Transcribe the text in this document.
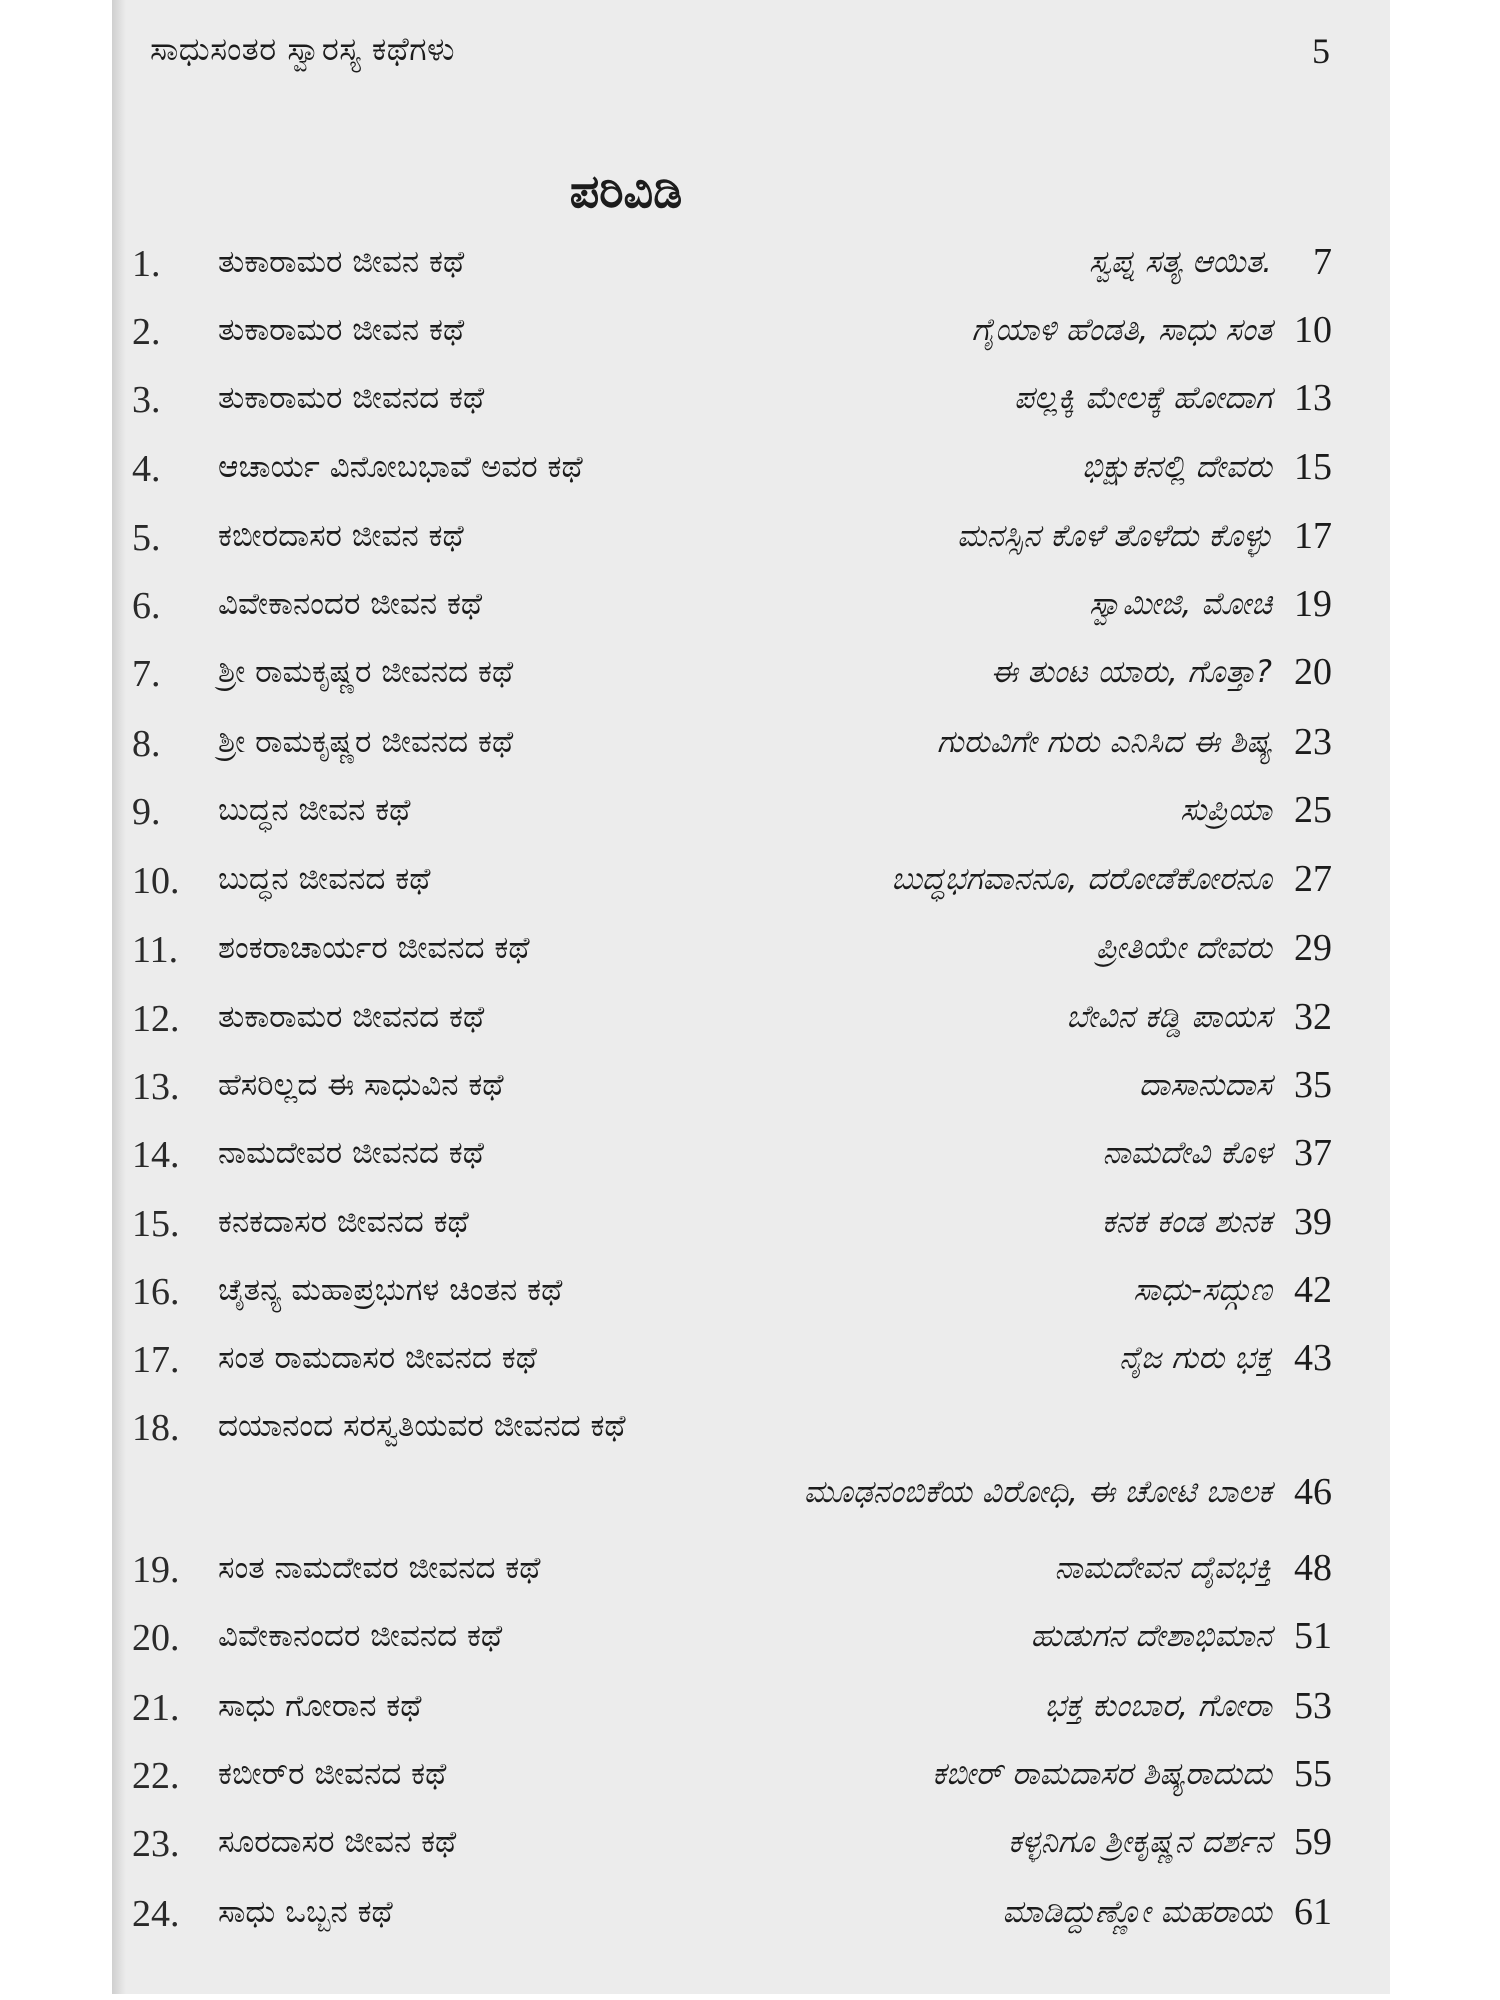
ಸಾಧುಸಂತರ ಸ್ವಾರಸ್ಯ ಕಥೆಗಳು	5
ಪರಿವಿಡಿ
1.	ತುಕಾರಾಮರ ಜೀವನ ಕಥೆ	ಸ್ವಪ್ನ ಸತ್ಯ ಆಯಿತ.	7
2.	ತುಕಾರಾಮರ ಜೀವನ ಕಥೆ	ಗೈಯಾಳಿ ಹೆಂಡತಿ, ಸಾಧು ಸಂತ 10
3.	ತುಕಾರಾಮರ ಜೀವನದ ಕಥೆ	ಪಲ್ಲಕ್ಕಿ ಮೇಲಕ್ಕೆ ಹೋದಾಗ 13
4.	ಆಚಾರ್ಯ ವಿನೋಬಭಾವೆ ಅವರ ಕಥೆ	ಭಿಕ್ಷುಕನಲ್ಲಿ ದೇವರು 15
5.	ಕಬೀರದಾಸರ ಜೀವನ ಕಥೆ	ಮನಸ್ಸಿನ ಕೊಳೆ ತೊಳೆದು ಕೊಳ್ಳು 17
6.	ವಿವೇಕಾನಂದರ ಜೀವನ ಕಥೆ	ಸ್ವಾಮೀಜಿ, ಮೋಚಿ 19
7.	ಶ್ರೀ ರಾಮಕೃಷ್ಣರ ಜೀವನದ ಕಥೆ	ಈ ತುಂಟ ಯಾರು, ಗೊತ್ತಾ? 20
8.	ಶ್ರೀ ರಾಮಕೃಷ್ಣರ ಜೀವನದ ಕಥೆ	ಗುರುವಿಗೇ ಗುರು ಎನಿಸಿದ ಈ ಶಿಷ್ಯ 23
9.	ಬುದ್ಧನ ಜೀವನ ಕಥೆ	ಸುಪ್ರಿಯಾ 25
10.	ಬುದ್ಧನ ಜೀವನದ ಕಥೆ	ಬುದ್ಧಭಗವಾನನೂ, ದರೋಡೆಕೋರನೂ 27
11.	ಶಂಕರಾಚಾರ್ಯರ ಜೀವನದ ಕಥೆ	ಪ್ರೀತಿಯೇ ದೇವರು 29
12.	ತುಕಾರಾಮರ ಜೀವನದ ಕಥೆ	ಬೇವಿನ ಕಡ್ಡಿ ಪಾಯಸ 32
13.	ಹೆಸರಿಲ್ಲದ ಈ ಸಾಧುವಿನ ಕಥೆ	ದಾಸಾನುದಾಸ 35
14.	ನಾಮದೇವರ ಜೀವನದ ಕಥೆ	ನಾಮದೇವಿ ಕೊಳ 37
15.	ಕನಕದಾಸರ ಜೀವನದ ಕಥೆ	ಕನಕ ಕಂಡ ಶುನಕ 39
16.	ಚೈತನ್ಯ ಮಹಾಪ್ರಭುಗಳ ಚಿಂತನ ಕಥೆ	ಸಾಧು-ಸದ್ಗುಣ 42
17.	ಸಂತ ರಾಮದಾಸರ ಜೀವನದ ಕಥೆ	ನೈಜ ಗುರು ಭಕ್ತ 43
18.	ದಯಾನಂದ ಸರಸ್ವತಿಯವರ ಜೀವನದ ಕಥೆ
ಮೂಢನಂಬಿಕೆಯ ವಿರೋಧಿ, ಈ ಚೋಟಿ ಬಾಲಕ 46
19.	ಸಂತ ನಾಮದೇವರ ಜೀವನದ ಕಥೆ	ನಾಮದೇವನ ದೈವಭಕ್ತಿ 48
20.	ವಿವೇಕಾನಂದರ ಜೀವನದ ಕಥೆ	ಹುಡುಗನ ದೇಶಾಭಿಮಾನ 51
21.	ಸಾಧು ಗೋರಾನ ಕಥೆ	ಭಕ್ತ ಕುಂಬಾರ, ಗೋರಾ 53
22.	ಕಬೀರ್‌ರ ಜೀವನದ ಕಥೆ	ಕಬೀರ್ ರಾಮದಾಸರ ಶಿಷ್ಯರಾದುದು 55
23.	ಸೂರದಾಸರ ಜೀವನ ಕಥೆ	ಕಳ್ಳನಿಗೂ ಶ್ರೀಕೃಷ್ಣನ ದರ್ಶನ 59
24.	ಸಾಧು ಒಬ್ಬನ ಕಥೆ	ಮಾಡಿದ್ದುಣ್ಣೋ ಮಹರಾಯ 61
